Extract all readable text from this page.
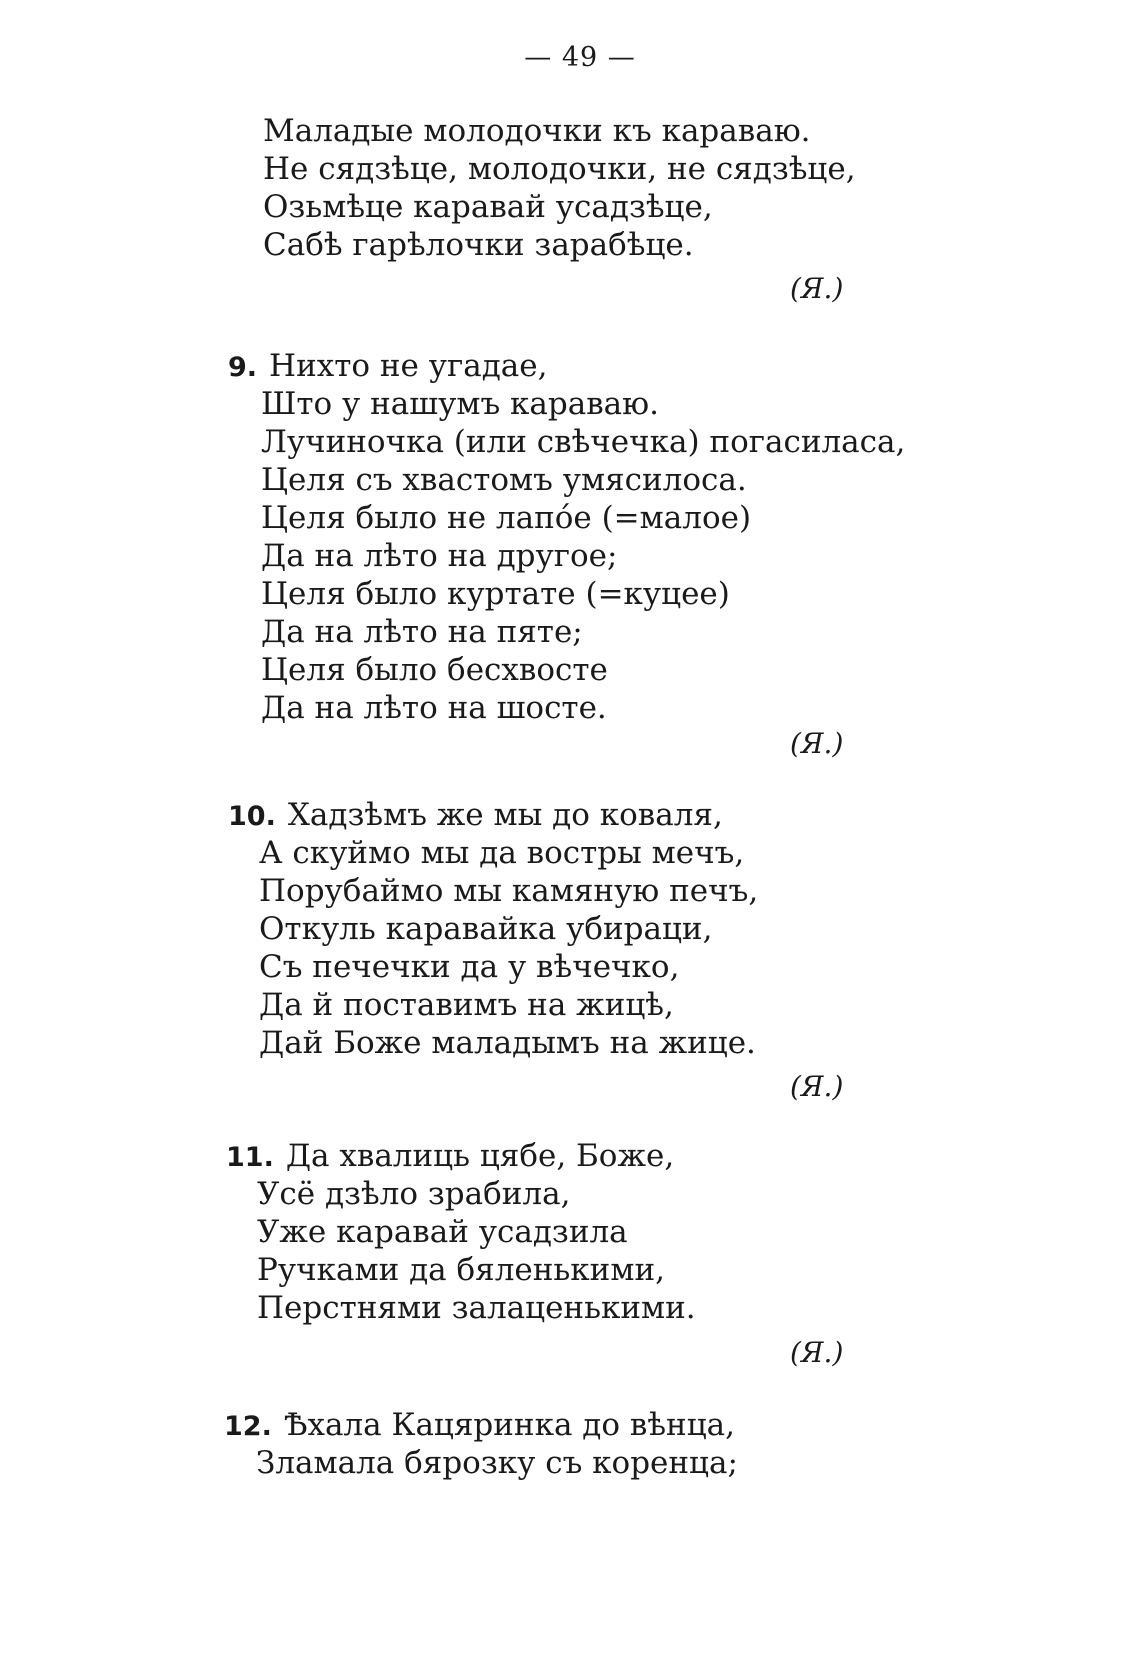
— 49 —
Маладые молодочки къ караваю.
Не сядзѣце, молодочки, не сядзѣце,
Озьмѣце каравай усадзѣце,
Сабѣ гарѣлочки зарабѣце.
(Я.)
9. Нихто не угадае,
Што у нашумъ караваю.
Лучиночка (или свѣчечка) погасиласа,
Целя съ хвастомъ умясилоса.
Целя было не лапо́е (=малое)
Да на лѣто на другое;
Целя было куртате (=куцее)
Да на лѣто на пяте;
Целя было бесхвосте
Да на лѣто на шосте.
(Я.)
10. Хадзѣмъ же мы до коваля,
А скуймо мы да востры мечъ,
Порубаймо мы камяную печъ,
Откуль каравайка убираци,
Съ печечки да у вѣчечко,
Да й поставимъ на жицѣ,
Дай Боже маладымъ на жице.
(Я.)
11. Да хвалиць цябе, Боже,
Усё дзѣло зрабила,
Уже каравай усадзила
Ручками да бяленькими,
Перстнями залаценькими.
(Я.)
12. Ѣхала Кацяринка до вѣнца,
Зламала бярозку съ коренца;
